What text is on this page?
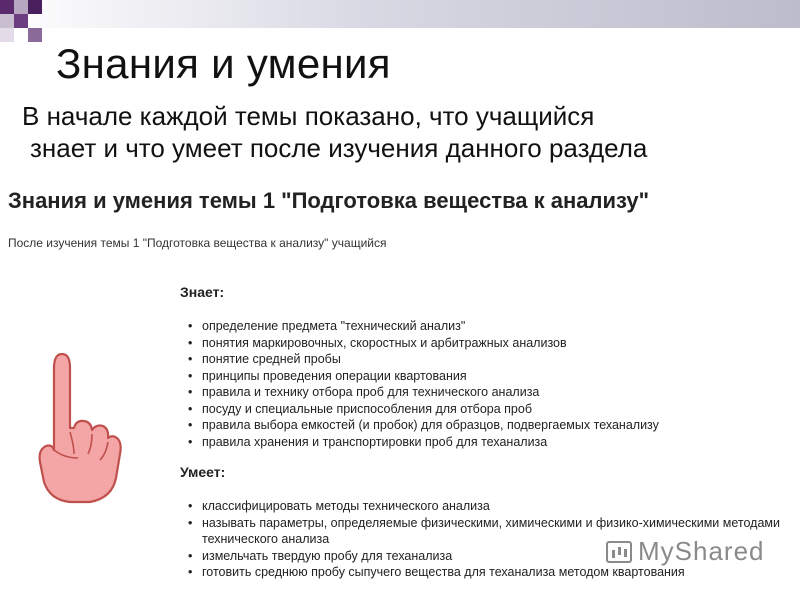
Знания и умения
В начале каждой темы показано, что учащийся
знает и что умеет после изучения данного раздела
Знания и умения темы 1 "Подготовка вещества к анализу"
После изучения темы 1 "Подготовка вещества к анализу" учащийся
Знает:
• определение предмета "технический анализ"
• понятия маркировочных, скоростных и арбитражных анализов
• понятие средней пробы
• принципы проведения операции квартования
• правила и технику отбора проб для технического анализа
• посуду и специальные приспособления для отбора проб
• правила выбора емкостей (и пробок) для образцов, подвергаемых теханализу
• правила хранения и транспортировки проб для теханализа
Умеет:
• классифицировать методы технического анализа
• называть параметры, определяемые физическими, химическими и физико-химическими методами технического анализа
• измельчать твердую пробу для теханализа
• готовить среднюю пробу сыпучего вещества для теханализа методом квартования
MyShared
